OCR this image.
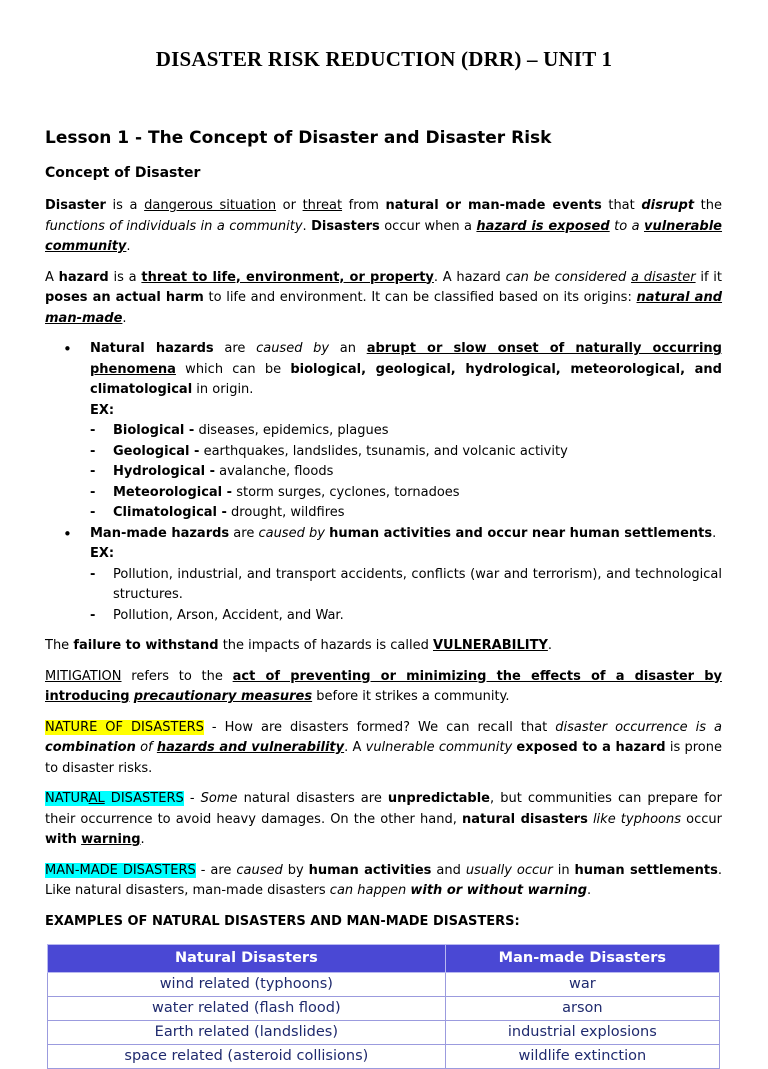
DISASTER RISK REDUCTION (DRR) – UNIT 1
Lesson 1 - The Concept of Disaster and Disaster Risk
Concept of Disaster

Disaster is a dangerous situation or threat from natural or man-made events that disrupt the functions of individuals in a community. Disasters occur when a hazard is exposed to a vulnerable community.

A hazard is a threat to life, environment, or property. A hazard can be considered a disaster if it poses an actual harm to life and environment. It can be classified based on its origins: natural and man-made.

• Natural hazards are caused by an abrupt or slow onset of naturally occurring phenomena which can be biological, geological, hydrological, meteorological, and climatological in origin.
EX:
- Biological - diseases, epidemics, plagues
- Geological - earthquakes, landslides, tsunamis, and volcanic activity
- Hydrological - avalanche, floods
- Meteorological - storm surges, cyclones, tornadoes
- Climatological - drought, wildfires
• Man-made hazards are caused by human activities and occur near human settlements.
EX:
- Pollution, industrial, and transport accidents, conflicts (war and terrorism), and technological structures.
- Pollution, Arson, Accident, and War.

The failure to withstand the impacts of hazards is called VULNERABILITY.

MITIGATION refers to the act of preventing or minimizing the effects of a disaster by introducing precautionary measures before it strikes a community.

NATURE OF DISASTERS - How are disasters formed? We can recall that disaster occurrence is a combination of hazards and vulnerability. A vulnerable community exposed to a hazard is prone to disaster risks.

NATURAL DISASTERS - Some natural disasters are unpredictable, but communities can prepare for their occurrence to avoid heavy damages. On the other hand, natural disasters like typhoons occur with warning.

MAN-MADE DISASTERS - are caused by human activities and usually occur in human settlements. Like natural disasters, man-made disasters can happen with or without warning.

EXAMPLES OF NATURAL DISASTERS AND MAN-MADE DISASTERS:
Natural Disasters	Man-made Disasters
wind related (typhoons)	war
water related (flash flood)	arson
Earth related (landslides)	industrial explosions
space related (asteroid collisions)	wildlife extinction
